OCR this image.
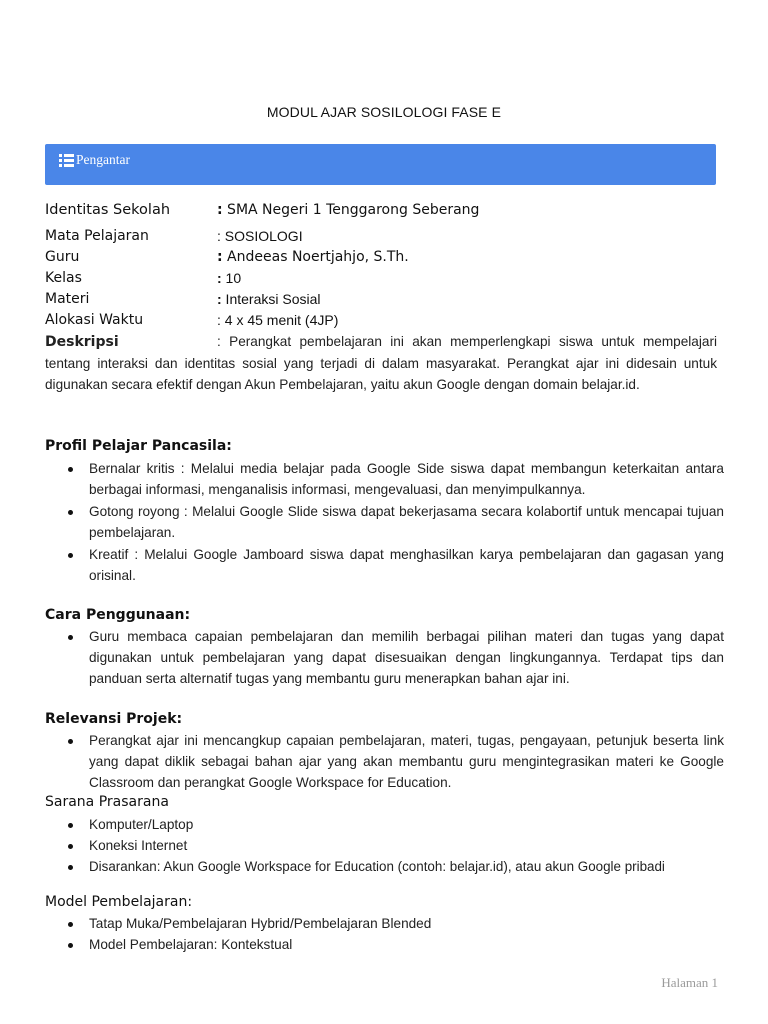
MODUL AJAR SOSILOLOGI FASE E
Pengantar
Identitas Sekolah	: SMA Negeri 1 Tenggarong Seberang
Mata Pelajaran	: SOSIOLOGI
Guru	: Andeeas Noertjahjo, S.Th.
Kelas	: 10
Materi	: Interaksi Sosial
Alokasi Waktu	: 4 x 45 menit (4JP)
Deskripsi	: Perangkat pembelajaran ini akan memperlengkapi siswa untuk mempelajari tentang interaksi dan identitas sosial yang terjadi di dalam masyarakat. Perangkat ajar ini didesain untuk digunakan secara efektif dengan Akun Pembelajaran, yaitu akun Google dengan domain belajar.id.
Profil Pelajar Pancasila:
Bernalar kritis : Melalui media belajar pada Google Side siswa dapat membangun keterkaitan antara berbagai informasi, menganalisis informasi, mengevaluasi, dan menyimpulkannya.
Gotong royong : Melalui Google Slide siswa dapat bekerjasama secara kolabortif untuk mencapai tujuan pembelajaran.
Kreatif : Melalui Google Jamboard siswa dapat menghasilkan karya pembelajaran dan gagasan yang orisinal.
Cara Penggunaan:
Guru membaca capaian pembelajaran dan memilih berbagai pilihan materi dan tugas yang dapat digunakan untuk pembelajaran yang dapat disesuaikan dengan lingkungannya. Terdapat tips dan panduan serta alternatif tugas yang membantu guru menerapkan bahan ajar ini.
Relevansi Projek:
Perangkat ajar ini mencangkup capaian pembelajaran, materi, tugas, pengayaan, petunjuk beserta link yang dapat diklik sebagai bahan ajar yang akan membantu guru mengintegrasikan materi ke Google Classroom dan perangkat Google Workspace for Education.
Sarana Prasarana
Komputer/Laptop
Koneksi Internet
Disarankan: Akun Google Workspace for Education (contoh: belajar.id), atau akun Google pribadi
Model Pembelajaran:
Tatap Muka/Pembelajaran Hybrid/Pembelajaran Blended
Model Pembelajaran: Kontekstual
Halaman 1
